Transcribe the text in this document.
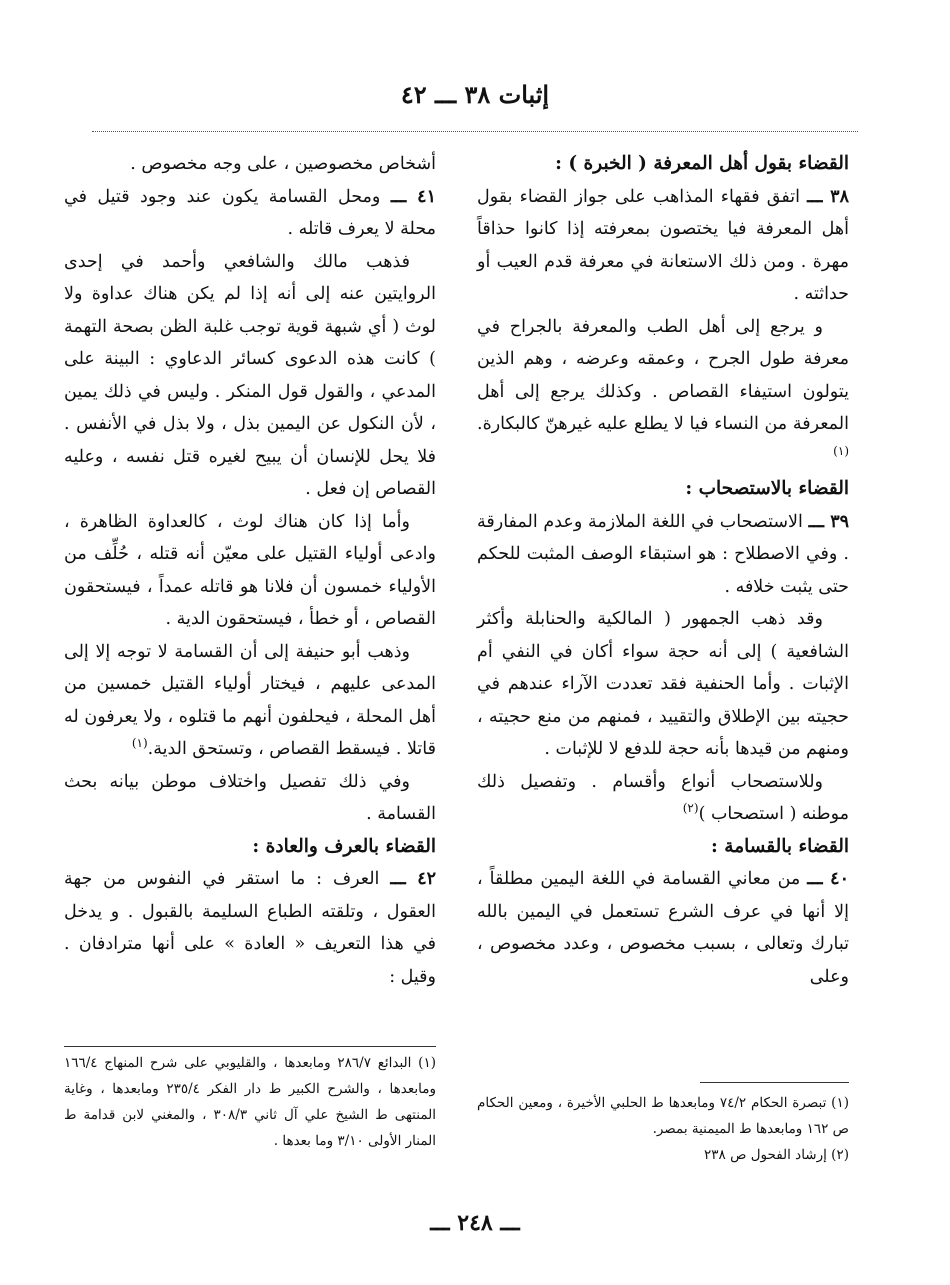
إثبات ٣٨ ـــ ٤٢

القضاء بقول أهل المعرفة ( الخبرة ) :

٣٨ ـــ اتفق فقهاء المذاهب على جواز القضاء بقول أهل المعرفة فيا يختصون بمعرفته إذا كانوا حذاقاً مهرة . ومن ذلك الاستعانة في معرفة قدم العيب أو حداثته .

و يرجع إلى أهل الطب والمعرفة بالجراح في معرفة طول الجرح ، وعمقه وعرضه ، وهم الذين يتولون استيفاء القصاص . وكذلك يرجع إلى أهل المعرفة من النساء فيا لا يطلع عليه غيرهنّ كالبكارة.$^{(١)}$

القضاء بالاستصحاب :

٣٩ ـــ الاستصحاب في اللغة الملازمة وعدم المفارقة . وفي الاصطلاح : هو استبقاء الوصف المثبت للحكم حتى يثبت خلافه .

وقد ذهب الجمهور ( المالكية والحنابلة وأكثر الشافعية ) إلى أنه حجة سواء أكان في النفي أم الإثبات . وأما الحنفية فقد تعددت الآراء عندهم في حجيته بين الإطلاق والتقييد ، فمنهم من منع حجيته ، ومنهم من قيدها بأنه حجة للدفع لا للإثبات .

وللاستصحاب أنواع وأقسام . وتفصيل ذلك موطنه ( استصحاب )$^{(٢)}$

القضاء بالقسامة :

٤٠ ـــ من معاني القسامة في اللغة اليمين مطلقاً ، إلا أنها في عرف الشرع تستعمل في اليمين بالله تبارك وتعالى ، بسبب مخصوص ، وعدد مخصوص ، وعلى

أشخاص مخصوصين ، على وجه مخصوص .

٤١ ـــ ومحل القسامة يكون عند وجود قتيل في محلة لا يعرف قاتله .

فذهب مالك والشافعي وأحمد في إحدى الروايتين عنه إلى أنه إذا لم يكن هناك عداوة ولا لوث ( أي شبهة قوية توجب غلبة الظن بصحة التهمة ) كانت هذه الدعوى كسائر الدعاوي : البينة على المدعي ، والقول قول المنكر . وليس في ذلك يمين ، لأن النكول عن اليمين بذل ، ولا بذل في الأنفس . فلا يحل للإنسان أن يبيح لغيره قتل نفسه ، وعليه القصاص إن فعل .

وأما إذا كان هناك لوث ، كالعداوة الظاهرة ، وادعى أولياء القتيل على معيّن أنه قتله ، حُلِّف من الأولياء خمسون أن فلانا هو قاتله عمداً ، فيستحقون القصاص ، أو خطأ ، فيستحقون الدية .

وذهب أبو حنيفة إلى أن القسامة لا توجه إلا إلى المدعى عليهم ، فيختار أولياء القتيل خمسين من أهل المحلة ، فيحلفون أنهم ما قتلوه ، ولا يعرفون له قاتلا . فيسقط القصاص ، وتستحق الدية.$^{(١)}$

وفي ذلك تفصيل واختلاف موطن بيانه بحث القسامة .

القضاء بالعرف والعادة :

٤٢ ـــ العرف : ما استقر في النفوس من جهة العقول ، وتلقته الطباع السليمة بالقبول . و يدخل في هذا التعريف « العادة » على أنها مترادفان . وقيل :

(١) البدائع ٢٨٦/٧ ومابعدها ، والقليوبي على شرح المنهاج ١٦٦/٤ ومابعدها ، والشرح الكبير ط دار الفكر ٢٣٥/٤ ومابعدها ، وغاية المنتهى ط الشيخ علي آل ثاني ٣٠٨/٣ ، والمغني لابن قدامة ط المنار الأولى ٣/١٠ وما بعدها .

(١) تبصرة الحكام ٧٤/٢ ومابعدها ط الحلبي الأخيرة ، ومعين الحكام ص ١٦٢ ومابعدها ط الميمنية بمصر.

(٢) إرشاد الفحول ص ٢٣٨

ـــ ٢٤٨ ـــ
